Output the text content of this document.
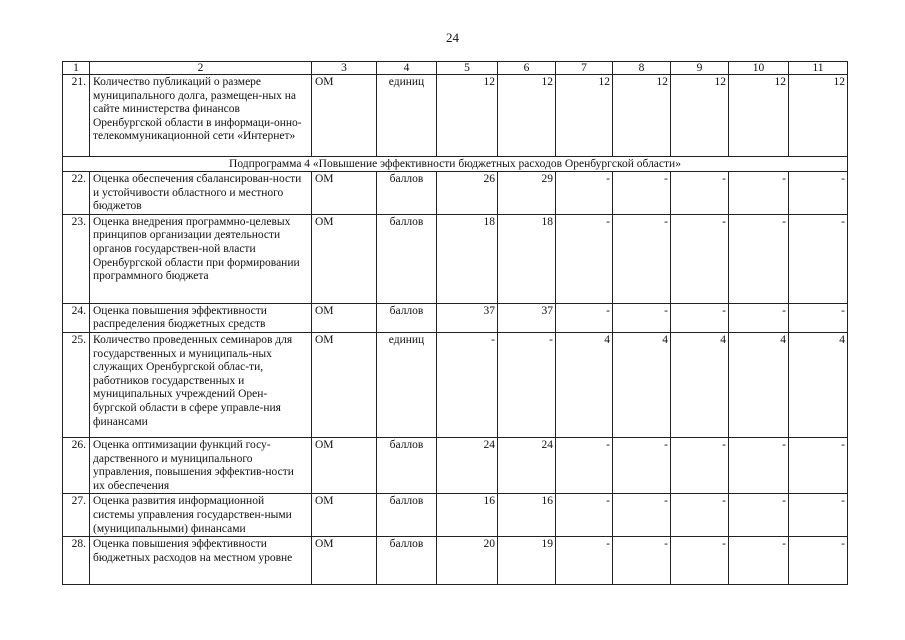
24
1	2	3	4	5	6	7	8	9	10	11
21.	Количество публикаций о размере муниципального долга, размещен-ных на сайте министерства финансов Оренбургской области в информаци-онно-телекоммуникационной сети «Интернет»	ОМ	единиц	12	12	12	12	12	12	12
Подпрограмма 4 «Повышение эффективности бюджетных расходов Оренбургской области»										
22.	Оценка обеспечения сбалансирован-ности и устойчивости областного и местного бюджетов	ОМ	баллов	26	29	-	-	-	-	-
23.	Оценка внедрения программно-целевых принципов организации деятельности органов государствен-ной власти Оренбургской области при формировании программного бюджета	ОМ	баллов	18	18	-	-	-	-	-
24.	Оценка повышения эффективности распределения бюджетных средств	ОМ	баллов	37	37	-	-	-	-	-
25.	Количество проведенных семинаров для государственных и муниципаль-ных служащих Оренбургской облас-ти, работников государственных и муниципальных учреждений Орен-бургской области в сфере управле-ния финансами	ОМ	единиц	-	-	4	4	4	4	4
26.	Оценка оптимизации функций госу-дарственного и муниципального управления, повышения эффектив-ности их обеспечения	ОМ	баллов	24	24	-	-	-	-	-
27.	Оценка развития информационной системы управления государствен-ными (муниципальными) финансами	ОМ	баллов	16	16	-	-	-	-	-
28.	Оценка повышения эффективности бюджетных расходов на местном уровне	ОМ	баллов	20	19	-	-	-	-	-
